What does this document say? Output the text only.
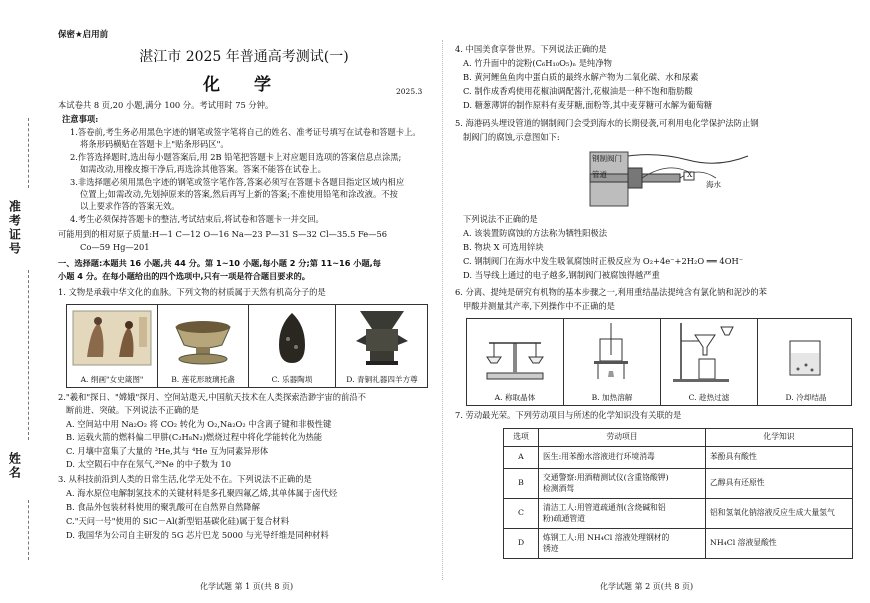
准考证号
姓名
保密★启用前
湛江市 2025 年普通高考测试(一)
化 学	2025.3
本试卷共 8 页,20 小题,满分 100 分。考试用时 75 分钟。
注意事项:
1.答卷前,考生务必用黑色字迹的钢笔或签字笔将自己的姓名、准考证号填写在试卷和答题卡上。
将条形码横贴在答题卡上"贴条形码区"。
2.作答选择题时,选出每小题答案后,用 2B 铅笔把答题卡上对应题目选项的答案信息点涂黑;
如需改动,用橡皮擦干净后,再选涂其他答案。答案不能答在试卷上。
3.非选择题必须用黑色字迹的钢笔或签字笔作答,答案必须写在答题卡各题目指定区域内相应
位置上;如需改动,先划掉原来的答案,然后再写上新的答案;不准使用铅笔和涂改液。不按
以上要求作答的答案无效。
4.考生必须保持答题卡的整洁,考试结束后,将试卷和答题卡一并交回。
可能用到的相对原子质量:H—1 C—12 O—16 Na—23 P—31 S—32 Cl—35.5 Fe—56
Co—59 Hg—201
一、选择题:本题共 16 小题,共 44 分。第 1~10 小题,每小题 2 分;第 11~16 小题,每
小题 4 分。在每小题给出的四个选项中,只有一项是符合题目要求的。
1. 文物是承载中华文化的血脉。下列文物的材质属于天然有机高分子的是
A. 绢画"女史箴图"	B. 莲花形玻璃托盏	C. 乐器陶埙	D. 青铜礼器四羊方尊
2."羲和"探日、"嫦娥"探月、空间站遨天,中国航天技术在人类探索浩渺宇宙的前沿不
断前进、突破。下列说法不正确的是
A. 空间站中用 Na₂O₂ 将 CO₂ 转化为 O₂,Na₂O₂ 中含离子键和非极性键
B. 运载火箭的燃料偏二甲肼(C₂H₈N₂)燃烧过程中将化学能转化为热能
C. 月壤中富集了大量的 ³He,其与 ⁴He 互为同素异形体
D. 太空陨石中存在氖气,²⁰Ne 的中子数为 10
3. 从科技前沿到人类的日常生活,化学无处不在。下列说法不正确的是
A. 海水原位电解制氢技术的关键材料是多孔聚四氟乙烯,其单体属于卤代烃
B. 食品外包装材料使用的聚乳酸可在自然界自然降解
C."天问一号"使用的 SiC－Al(新型铝基碳化硅)属于复合材料
D. 我国华为公司自主研发的 5G 芯片巴龙 5000 与光导纤维是同种材料
化学试题 第 1 页(共 8 页)
4. 中国美食享誉世界。下列说法正确的是
A. 竹升面中的淀粉(C₆H₁₀O₅)ₙ 是纯净物
B. 黄河鲤鱼鱼肉中蛋白质的最终水解产物为二氧化碳、水和尿素
C. 制作成香鸡使用花椒油调配酱汁,花椒油是一种不饱和脂肪酸
D. 糖葱薄饼的制作原料有麦芽糖,面粉等,其中麦芽糖可水解为葡萄糖
5. 海港码头埋设管道的钢制阀门会受到海水的长期侵袭,可利用电化学保护法防止钢
制阀门的腐蚀,示意图如下:
钢制阀门
管道	X
海水
下列说法不正确的是
A. 该装置防腐蚀的方法称为牺牲阳极法
B. 物块 X 可选用锌块
C. 钢制阀门在海水中发生吸氧腐蚀时正极反应为 O₂+4e⁻+2H₂O ══ 4OH⁻
D. 当导线上通过的电子越多,钢制阀门被腐蚀得越严重
6. 分离、提纯是研究有机物的基本步骤之一,利用重结晶法提纯含有氯化钠和泥沙的苯
甲酸并测量其产率,下列操作中不正确的是
A. 称取晶体	B. 加热溶解	C. 趁热过滤	D. 冷却结晶
7. 劳动最光荣。下列劳动项目与所述的化学知识没有关联的是
选项	劳动项目	化学知识
A	医生:用苯酚水溶液进行环境消毒	苯酚具有酸性
B	交通警察:用酒精测试仪(含重铬酸钾)
检测酒驾	乙醇具有还原性
C	清洁工人:用管道疏通剂(含烧碱和铝
粉)疏通管道	铝和氢氧化钠溶液反应生成大量氢气
D	炼钢工人:用 NH₄Cl 溶液处理钢材的
锈迹	NH₄Cl 溶液显酸性
化学试题 第 2 页(共 8 页)
